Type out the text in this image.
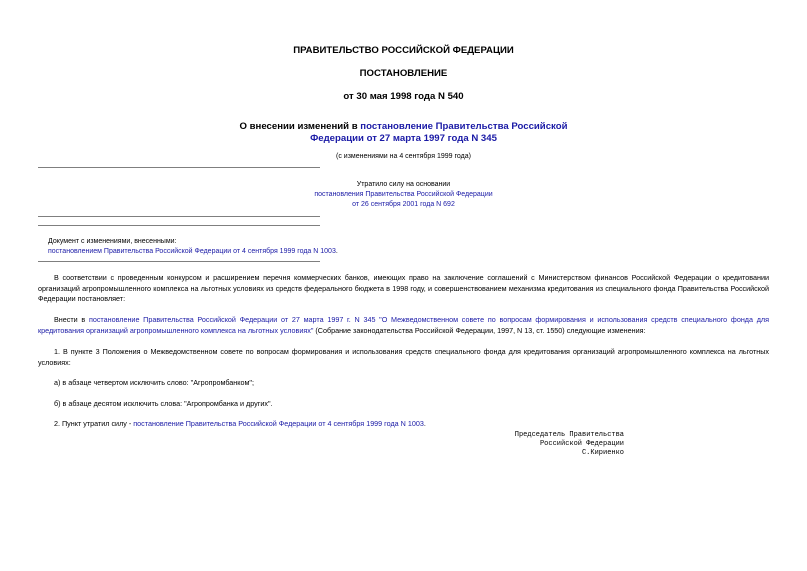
ПРАВИТЕЛЬСТВО РОССИЙСКОЙ ФЕДЕРАЦИИ
ПОСТАНОВЛЕНИЕ
от 30 мая 1998 года N 540
О внесении изменений в постановление Правительства Российской
Федерации от 27 марта 1997 года N 345
(с изменениями на 4 сентября 1999 года)
Утратило силу на основании
постановления Правительства Российской Федерации
от 26 сентября 2001 года N 692
Документ с изменениями, внесенными:
постановлением Правительства Российской Федерации от 4 сентября 1999 года N 1003.
В соответствии с проведенным конкурсом и расширением перечня коммерческих банков, имеющих право на заключение соглашений с Министерством финансов Российской Федерации о кредитовании организаций агропромышленного комплекса на льготных условиях из средств федерального бюджета в 1998 году, и совершенствованием механизма кредитования из специального фонда Правительства Российской Федерации постановляет:
Внести в постановление Правительства Российской Федерации от 27 марта 1997 г. N 345 "О Межведомственном совете по вопросам формирования и использования средств специального фонда для кредитования организаций агропромышленного комплекса на льготных условиях" (Собрание законодательства Российской Федерации, 1997, N 13, ст. 1550) следующие изменения:
1. В пункте 3 Положения о Межведомственном совете по вопросам формирования и использования средств специального фонда для кредитования организаций агропромышленного комплекса на льготных условиях:
а) в абзаце четвертом исключить слово: "Агропромбанком";
б) в абзаце десятом исключить слова: "Агропромбанка и других".
2. Пункт утратил силу - постановление Правительства Российской Федерации от 4 сентября 1999 года N 1003.
Председатель Правительства
Российской Федерации
С.Кириенко
